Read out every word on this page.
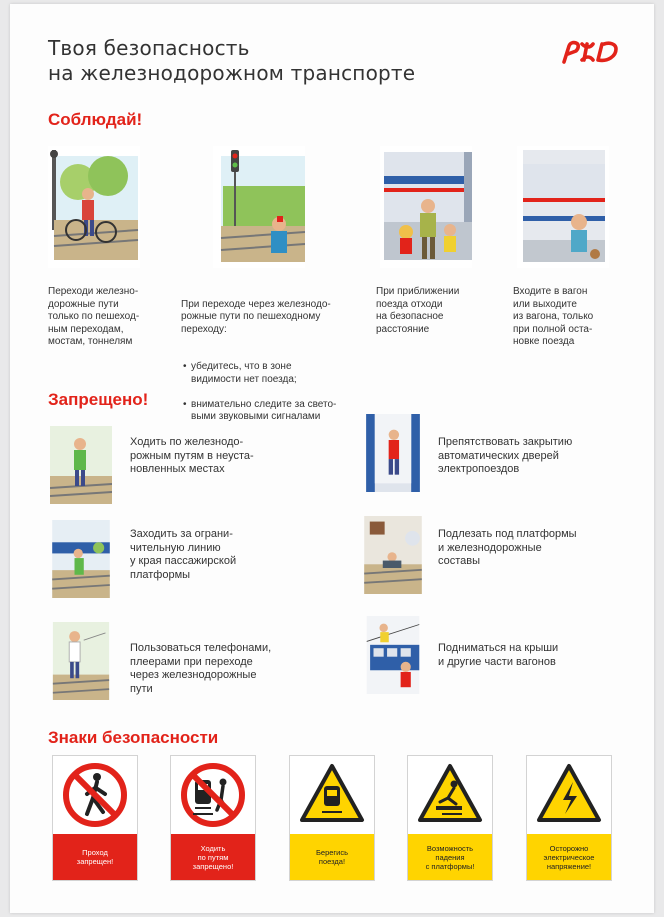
Твоя безопасность
на железнодорожном транспорте
Соблюдай!
Переходи железно-
дорожные пути
только по пешеход-
ным переходам,
мостам, тоннелям

При переходе через железнодо-
рожные пути по пешеходному
переходу:

• убедитесь, что в зоне
видимости нет поезда;

• внимательно следите за свето-
выми звуковыми сигналами

При приближении
поезда отходи
на безопасное
расстояние
Входите в вагон
или выходите
из вагона, только
при полной оста-
новке поезда
Запрещено!
Ходить по железнодо-
рожным путям в неуста-
новленных местах
Препятствовать закрытию
автоматических дверей
электропоездов
Заходить за ограни-
чительную линию
у края пассажирской
платформы
Подлезать под платформы
и железнодорожные
составы
Пользоваться телефонами,
плеерами при переходе
через железнодорожные
пути
Подниматься на крыши
и другие части вагонов
Знаки безопасности
Проход
запрещен!
Ходить
по путям
запрещено!
Берегись
поезда!
Возможность
падения
с платформы!
Осторожно
электрическое
напряжение!
